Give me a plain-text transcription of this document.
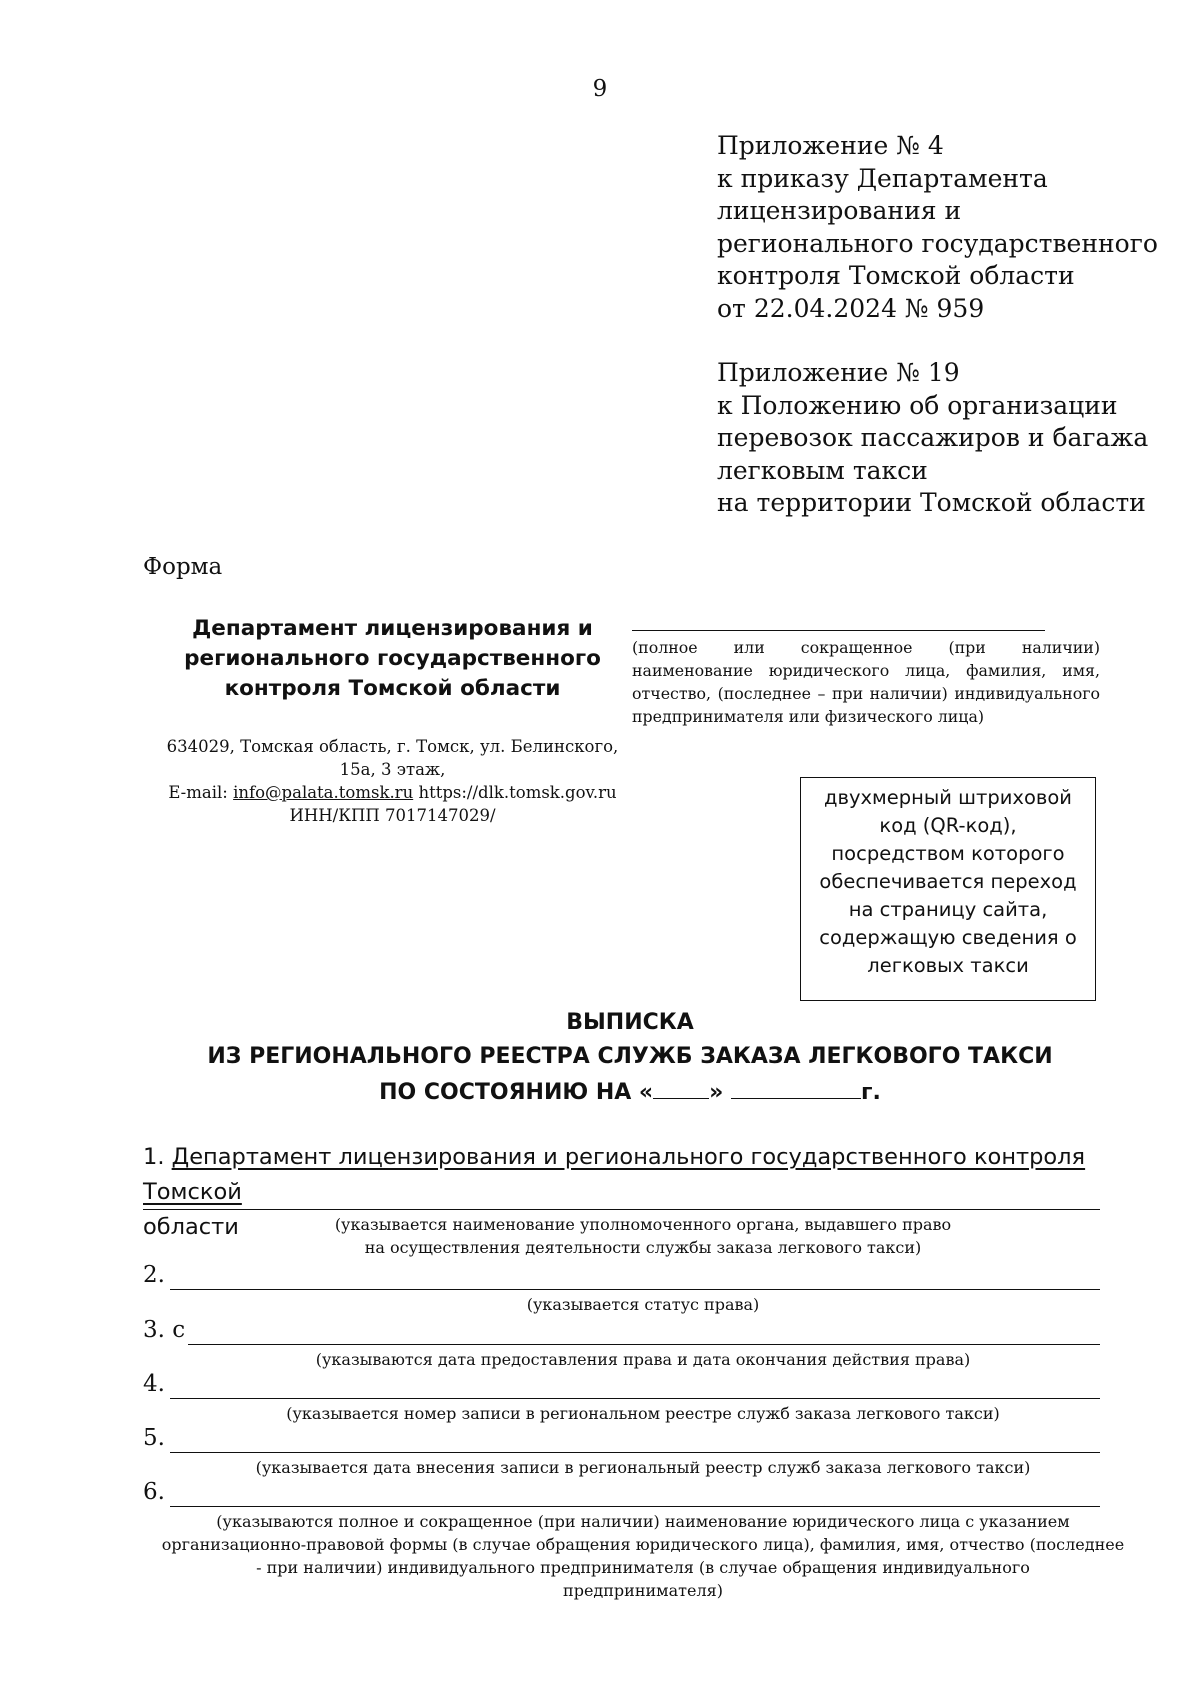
9
Приложение № 4
к приказу Департамента
лицензирования и
регионального государственного
контроля Томской области
от 22.04.2024 № 959
Приложение № 19
к Положению об организации
перевозок пассажиров и багажа
легковым такси
на территории Томской области
Форма
Департамент лицензирования и
регионального государственного
контроля Томской области
634029, Томская область, г. Томск, ул. Белинского,
15а, 3 этаж,
E-mail: info@palata.tomsk.ru https://dlk.tomsk.gov.ru
ИНН/КПП 7017147029/
(полное или сокращенное (при наличии) наименование юридического лица, фамилия, имя, отчество, (последнее – при наличии) индивидуального предпринимателя или физического лица)
двухмерный штриховой
код (QR-код),
посредством которого
обеспечивается переход
на страницу сайта,
содержащую сведения о
легковых такси
ВЫПИСКА
ИЗ РЕГИОНАЛЬНОГО РЕЕСТРА СЛУЖБ ЗАКАЗА ЛЕГКОВОГО ТАКСИ
ПО СОСТОЯНИЮ НА «	»	г.
1. Департамент лицензирования и регионального государственного контроля Томской
области	(указывается наименование уполномоченного органа, выдавшего право
на осуществления деятельности службы заказа легкового такси)
2.
(указывается статус права)
3. с
(указываются дата предоставления права и дата окончания действия права)
4.
(указывается номер записи в региональном реестре служб заказа легкового такси)
5.
(указывается дата внесения записи в региональный реестр служб заказа легкового такси)
6.
(указываются полное и сокращенное (при наличии) наименование юридического лица с указанием
организационно-правовой формы (в случае обращения юридического лица), фамилия, имя, отчество (последнее
- при наличии) индивидуального предпринимателя (в случае обращения индивидуального
предпринимателя)
